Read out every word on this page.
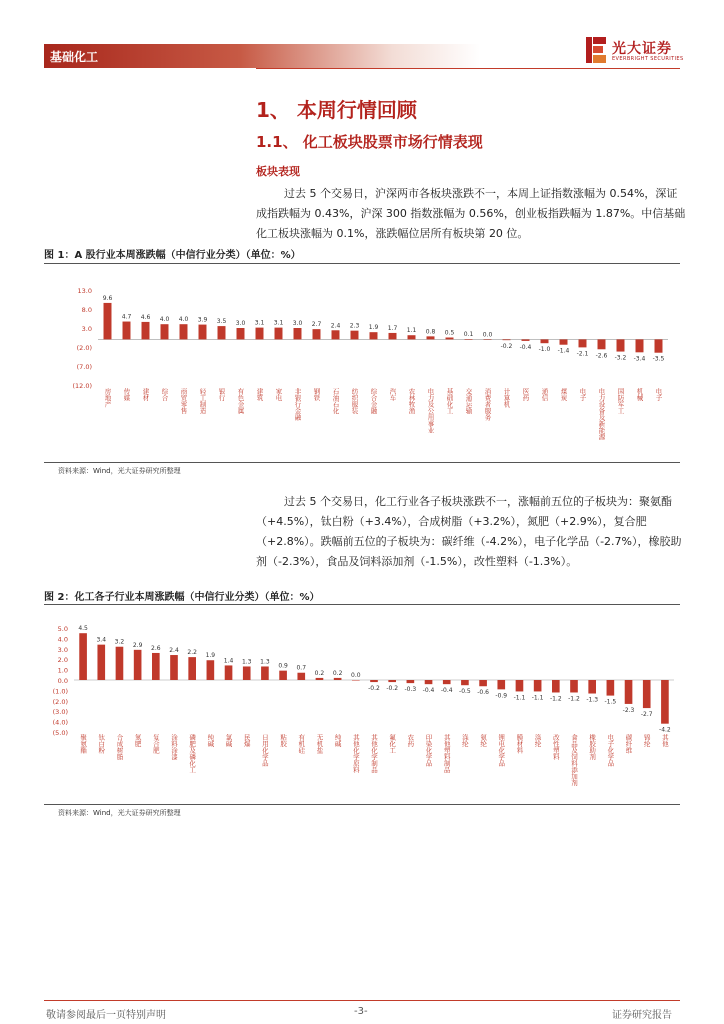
基础化工	光大证券
EVERBRIGHT SECURITIES
1、 本周行情回顾
1.1、 化工板块股票市场行情表现
板块表现
过去 5 个交易日，沪深两市各板块涨跌不一，本周上证指数涨幅为 0.54%，深证成指跌幅为 0.43%，沪深 300 指数涨幅为 0.56%，创业板指跌幅为 1.87%。中信基础化工板块涨幅为 0.1%，涨跌幅位居所有板块第 20 位。
图 1：A 股行业本周涨跌幅（中信行业分类）（单位：%）
13.0
8.0
3.0
(2.0)
(7.0)
(12.0)
9.6
房地产
4.7
传媒
4.6
建材
4.0
综合
4.0
商贸零售
3.9
轻工制造
3.5
银行
3.0
有色金属
3.1
建筑
3.1
家电
3.0
非银行金融
2.7
钢铁
2.4
石油石化
2.3
纺织服装
1.9
综合金融
1.7
汽车
1.1
农林牧渔
0.8
电力及公用事业
0.5
基础化工
0.1
交通运输
0.0
消费者服务
-0.2
计算机
-0.4
医药
-1.0
通信
-1.4
煤炭
-2.1
电子
-2.6
电力设备及新能源
-3.2
国防军工
-3.4
机械
-3.5
电子
资料来源：Wind，光大证券研究所整理
过去 5 个交易日，化工行业各子板块涨跌不一，涨幅前五位的子板块为：聚氨酯（+4.5%），钛白粉（+3.4%），合成树脂（+3.2%），氮肥（+2.9%），复合肥（+2.8%）。跌幅前五位的子板块为：碳纤维（-4.2%），电子化学品（-2.7%），橡胶助剂（-2.3%），食品及饲料添加剂（-1.5%），改性塑料（-1.3%）。
图 2：化工各子行业本周涨跌幅（中信行业分类）（单位：%）
5.0
4.0
3.0
2.0
1.0
0.0
(1.0)
(2.0)
(3.0)
(4.0)
(5.0)
4.5
聚氨酯
3.4
钛白粉
3.2
合成树脂
2.9
氮肥
2.6
复合肥
2.4
涂料涂漆
2.2
磷肥及磷化工
1.9
纯碱
1.4
氯碱
1.3
民爆
1.3
日用化学品
0.9
粘胶
0.7
有机硅
0.2
无机盐
0.2
纯碱
0.0
其他化学原料
-0.2
其他化学制品
-0.2
氟化工
-0.3
农药
-0.4
印染化学品
-0.4
其他塑料制品
-0.5
涤纶
-0.6
氨纶
-0.9
锂电化学品
-1.1
膜材料
-1.1
涤纶
-1.2
改性塑料
-1.2
食品及饲料添加剂
-1.3
橡胶助剂
-1.5
电子化学品
-2.3
碳纤维
-2.7
锦纶
-4.2
其他
资料来源：Wind，光大证券研究所整理
敬请参阅最后一页特别声明	-3-	证券研究报告
